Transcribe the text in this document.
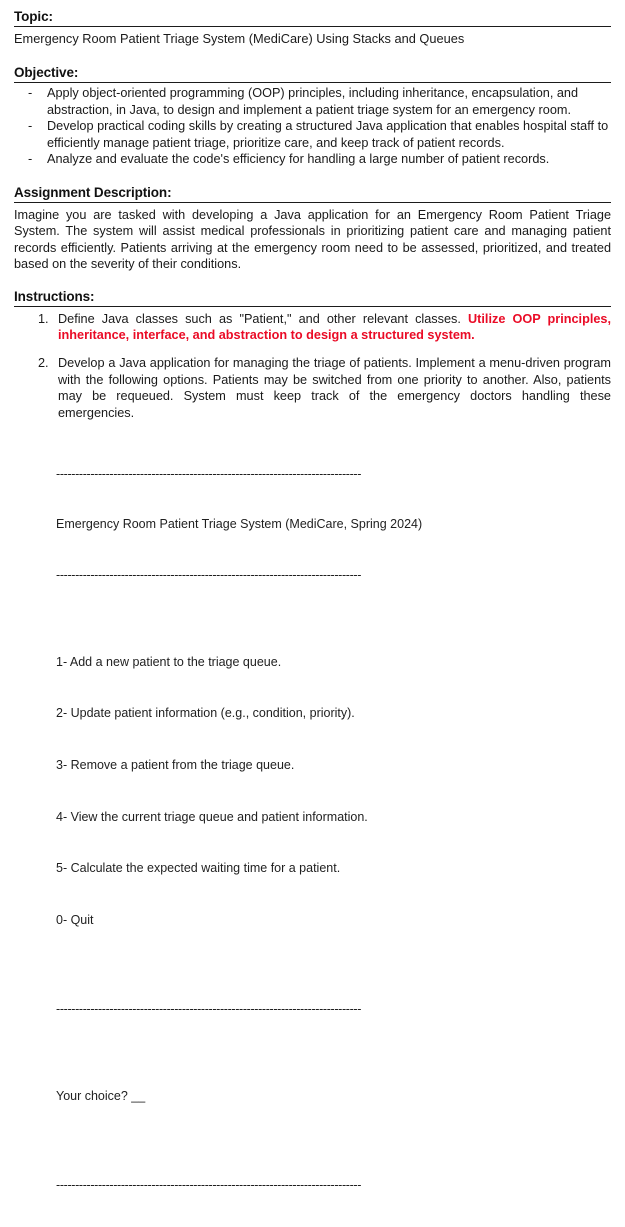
Topic:
Emergency Room Patient Triage System (MediCare) Using Stacks and Queues
Objective:
- Apply object-oriented programming (OOP) principles, including inheritance, encapsulation, and abstraction, in Java, to design and implement a patient triage system for an emergency room.
- Develop practical coding skills by creating a structured Java application that enables hospital staff to efficiently manage patient triage, prioritize care, and keep track of patient records.
- Analyze and evaluate the code's efficiency for handling a large number of patient records.
Assignment Description:
Imagine you are tasked with developing a Java application for an Emergency Room Patient Triage System. The system will assist medical professionals in prioritizing patient care and managing patient records efficiently. Patients arriving at the emergency room need to be assessed, prioritized, and treated based on the severity of their conditions.
Instructions:
1. Define Java classes such as "Patient," and other relevant classes. Utilize OOP principles, inheritance, interface, and abstraction to design a structured system.
2. Develop a Java application for managing the triage of patients. Implement a menu-driven program with the following options. Patients may be switched from one priority to another. Also, patients may be requeued. System must keep track of the emergency doctors handling these emergencies.

--------------------------------------------------------------------------------

Emergency Room Patient Triage System (MediCare, Spring 2024)

--------------------------------------------------------------------------------

1- Add a new patient to the triage queue.

2- Update patient information (e.g., condition, priority).

3- Remove a patient from the triage queue.

4- View the current triage queue and patient information.

5- Calculate the expected waiting time for a patient.

0- Quit

--------------------------------------------------------------------------------

Your choice? __

--------------------------------------------------------------------------------
